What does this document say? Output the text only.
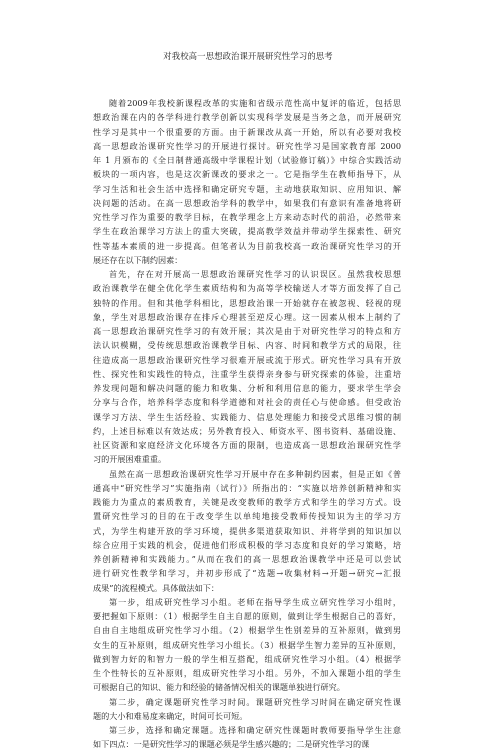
对我校高一思想政治课开展研究性学习的思考
随着2009年我校新课程改革的实施和省级示范性高中复评的临近，包括思
想政治课在内的各学科进行教学创新以实现科学发展是当务之急，而开展研究
性学习是其中一个很重要的方面。由于新课改从高一开始，所以有必要对我校
高一思想政治课研究性学习的开展进行探讨。研究性学习是国家教育部 2000
年 1 月颁布的《全日制普通高级中学课程计划（试验修订稿）》中综合实践活动
板块的一项内容，也是这次新课改的要求之一。它是指学生在教师指导下，从
学习生活和社会生活中选择和确定研究专题，主动地获取知识、应用知识、解
决问题的活动。在高一思想政治学科的教学中，如果我们有意识有准备地将研
究性学习作为重要的教学目标，在教学理念上方来动态时代的前沿，必然带来
学生在政治课学习方法上的重大突破，提高教学效益并带动学生探索性、研究
性等基本素质的进一步提高。但笔者认为目前我校高一政治课研究性学习的开
展还存在以下制约因素：
首先，存在对开展高一思想政治课研究性学习的认识误区。虽然我校思想
政治课教学在健全优化学生素质结构和为高等学校输送人才等方面发挥了自己
独特的作用。但和其他学科相比，思想政治课一开始就存在被忽视、轻视的现
象，学生对思想政治课存在排斥心理甚至逆反心理。这一因素从根本上制约了
高一思想政治课研究性学习的有效开展；其次是由于对研究性学习的特点和方
法认识模糊，受传统思想政治课教学目标、内容、时间和教学方式的局限，往
往造成高一思想政治课研究性学习很难开展或流于形式。研究性学习具有开放
性、探究性和实践性的特点，注重学生获得亲身参与研究探索的体验，注重培
养发现问题和解决问题的能力和收集、分析和利用信息的能力，要求学生学会
分享与合作，培养科学态度和科学道德和对社会的责任心与使命感。但受政治
课学习方法、学生生活经验、实践能力、信息处理能力和接受式思维习惯的制
约，上述目标难以有效达成；另外教育投入、师资水平、图书资料、基础设施、
社区资源和家庭经济文化环境各方面的限制，也造成高一思想政治课研究性学
习的开展困难重重。
虽然在高一思想政治课研究性学习开展中存在多种制约因素，但是正如《普
通高中“研究性学习”实施指南（试行）》所指出的：“实施以培养创新精神和实
践能力为重点的素质教育，关键是改变教师的教学方式和学生的学习方式。设
置研究性学习的目的在于改变学生以单纯地接受教师传授知识为主的学习方
式，为学生构建开放的学习环境，提供多渠道获取知识、并将学到的知识加以
综合应用于实践的机会，促进他们形成积极的学习态度和良好的学习策略，培
养创新精神和实践能力。”从而在我们的高一思想政治课教学中还是可以尝试
进行研究性教学和学习，并初步形成了“选题→收集材料→开题→研究→汇报
成果”的流程模式。具体做法如下：
第一步，组成研究性学习小组。老师在指导学生成立研究性学习小组时，
要把握如下原则：（1）根据学生自主自愿的原则，做到让学生根据自己的喜好，
自由自主地组成研究性学习小组。（2）根据学生性别差异的互补原则，做到男
女生的互补原则，组成研究性学习小组长。（3）根据学生智力差异的互补原则，
做到智力好的和智力一般的学生相互搭配，组成研究性学习小组。（4）根据学
生个性特长的互补原则，组成研究性学习小组。另外，不加入课题小组的学生
可根据自己的知识、能力和经验的储备情况相关的课题单独进行研究。
第二步，确定课题研究性学习时间。课题研究性学习时间在确定研究性课
题的大小和难易度来确定，时间可长可短。
第三步，选择和确定课题。选择和确定研究性课题时教师要指导学生注意
如下四点：一是研究性学习的课题必须是学生感兴趣的；二是研究性学习的课
